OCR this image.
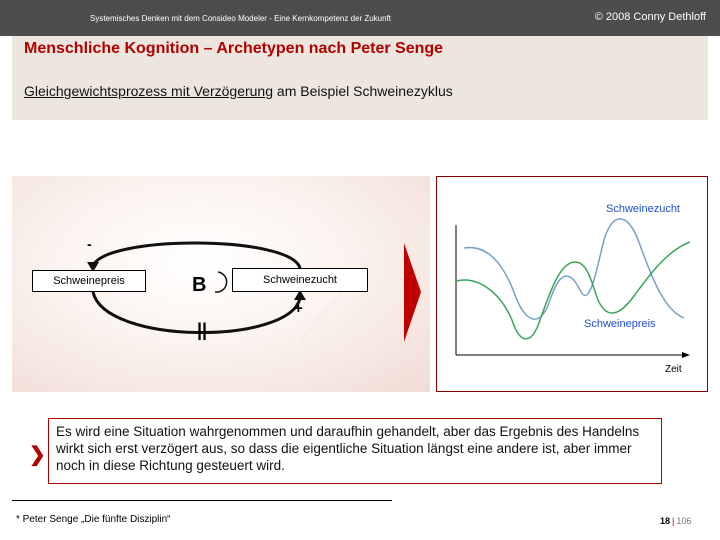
Systemisches Denken mit dem Consideo Modeler - Eine Kernkompetenz der Zukunft	© 2008 Conny Dethloff
Menschliche Kognition – Archetypen nach Peter Senge
Gleichgewichtsprozess mit Verzögerung am Beispiel Schweinezyklus
Schweinepreis	Schweinezucht
B
-
+
||
Schweinezucht
Schweinepreis
Zeit
❯
Es wird eine Situation wahrgenommen und daraufhin gehandelt, aber das Ergebnis des Handelns wirkt sich erst verzögert aus, so dass die eigentliche Situation längst eine andere ist, aber immer noch in diese Richtung gesteuert wird.
* Peter Senge „Die fünfte Disziplin“	18 | 106
